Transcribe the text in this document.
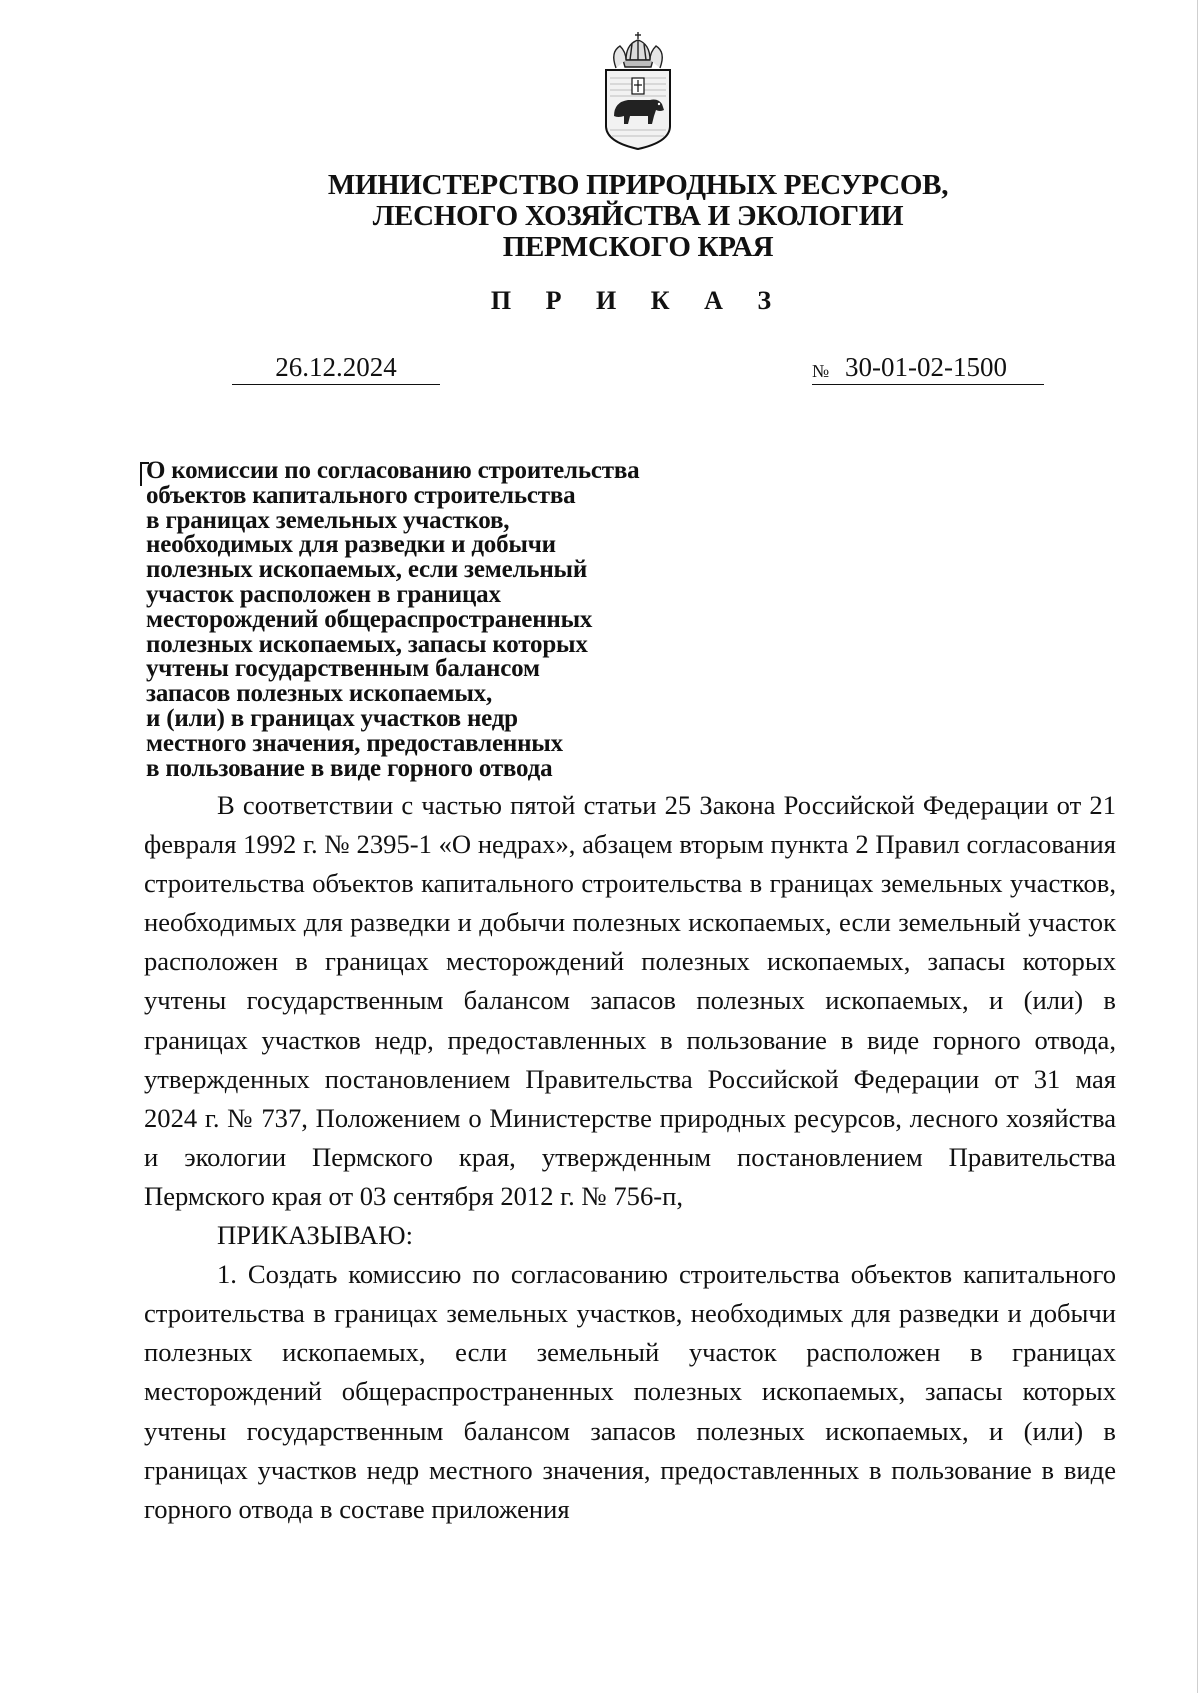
МИНИСТЕРСТВО ПРИРОДНЫХ РЕСУРСОВ,
ЛЕСНОГО ХОЗЯЙСТВА И ЭКОЛОГИИ
ПЕРМСКОГО КРАЯ
П Р И К А З
26.12.2024	№ 30-01-02-1500
О комиссии по согласованию строительства
объектов капитального строительства
в границах земельных участков,
необходимых для разведки и добычи
полезных ископаемых, если земельный
участок расположен в границах
месторождений общераспространенных
полезных ископаемых, запасы которых
учтены государственным балансом
запасов полезных ископаемых,
и (или) в границах участков недр
местного значения, предоставленных
в пользование в виде горного отвода

В соответствии с частью пятой статьи 25 Закона Российской Федерации от 21 февраля 1992 г. № 2395-1 «О недрах», абзацем вторым пункта 2 Правил согласования строительства объектов капитального строительства в границах земельных участков, необходимых для разведки и добычи полезных ископаемых, если земельный участок расположен в границах месторождений полезных ископаемых, запасы которых учтены государственным балансом запасов полезных ископаемых, и (или) в границах участков недр, предоставленных в пользование в виде горного отвода, утвержденных постановлением Правительства Российской Федерации от 31 мая 2024 г. № 737, Положением о Министерстве природных ресурсов, лесного хозяйства и экологии Пермского края, утвержденным постановлением Правительства Пермского края от 03 сентября 2012 г. № 756-п,

ПРИКАЗЫВАЮ:

1. Создать комиссию по согласованию строительства объектов капитального строительства в границах земельных участков, необходимых для разведки и добычи полезных ископаемых, если земельный участок расположен в границах месторождений общераспространенных полезных ископаемых, запасы которых учтены государственным балансом запасов полезных ископаемых, и (или) в границах участков недр местного значения, предоставленных в пользование в виде горного отвода в составе приложения
